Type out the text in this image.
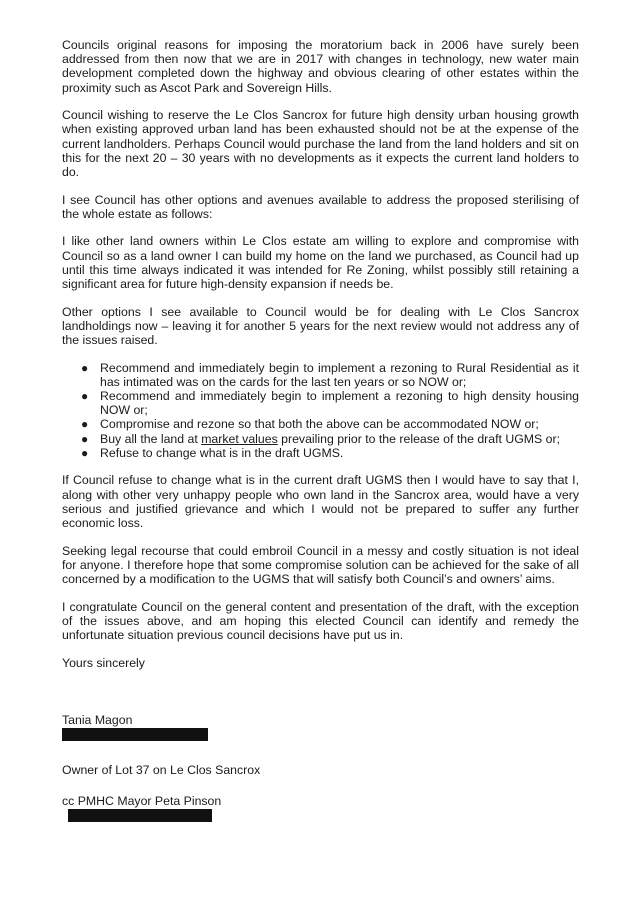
Councils original reasons for imposing the moratorium back in 2006 have surely been addressed from then now that we are in 2017 with changes in technology, new water main development completed down the highway and obvious clearing of other estates within the proximity such as Ascot Park and Sovereign Hills.

Council wishing to reserve the Le Clos Sancrox for future high density urban housing growth when existing approved urban land has been exhausted should not be at the expense of the current landholders. Perhaps Council would purchase the land from the land holders and sit on this for the next 20 – 30 years with no developments as it expects the current land holders to do.

I see Council has other options and avenues available to address the proposed sterilising of the whole estate as follows:

I like other land owners within Le Clos estate am willing to explore and compromise with Council so as a land owner I can build my home on the land we purchased, as Council had up until this time always indicated it was intended for Re Zoning, whilst possibly still retaining a significant area for future high-density expansion if needs be.

Other options I see available to Council would be for dealing with Le Clos Sancrox landholdings now – leaving it for another 5 years for the next review would not address any of the issues raised.

● Recommend and immediately begin to implement a rezoning to Rural Residential as it has intimated was on the cards for the last ten years or so NOW or;
● Recommend and immediately begin to implement a rezoning to high density housing NOW or;
● Compromise and rezone so that both the above can be accommodated NOW or;
● Buy all the land at market values prevailing prior to the release of the draft UGMS or;
● Refuse to change what is in the draft UGMS.

If Council refuse to change what is in the current draft UGMS then I would have to say that I, along with other very unhappy people who own land in the Sancrox area, would have a very serious and justified grievance and which I would not be prepared to suffer any further economic loss.

Seeking legal recourse that could embroil Council in a messy and costly situation is not ideal for anyone. I therefore hope that some compromise solution can be achieved for the sake of all concerned by a modification to the UGMS that will satisfy both Council’s and owners’ aims.

I congratulate Council on the general content and presentation of the draft, with the exception of the issues above, and am hoping this elected Council can identify and remedy the unfortunate situation previous council decisions have put us in.

Yours sincerely

Tania Magon

Owner of Lot 37 on Le Clos Sancrox

cc PMHC Mayor Peta Pinson
